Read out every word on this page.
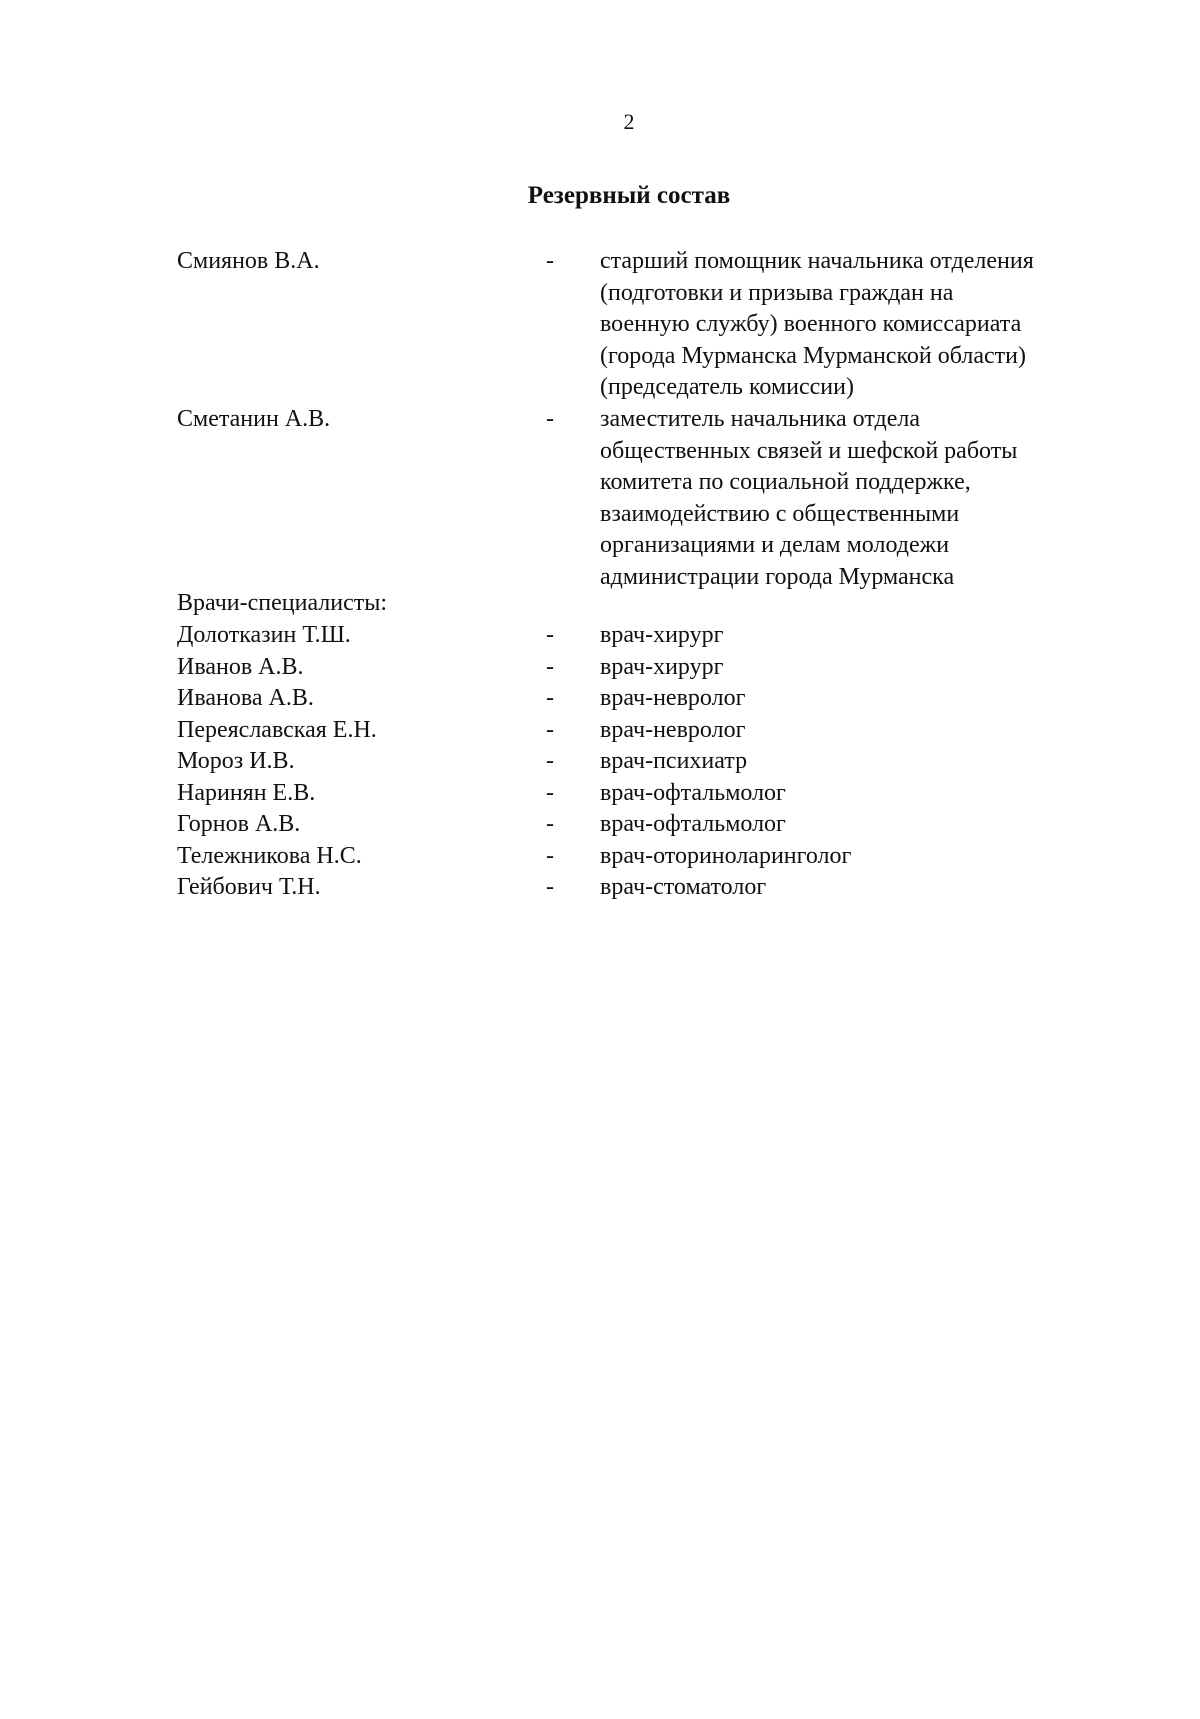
2
Резервный состав
Смиянов В.А.	- старший помощник начальника отделения
(подготовки и призыва граждан на
военную службу) военного комиссариата
(города Мурманска Мурманской области)
(председатель комиссии)
Сметанин А.В.	- заместитель начальника отдела
общественных связей и шефской работы
комитета по социальной поддержке,
взаимодействию с общественными
организациями и делам молодежи
администрации города Мурманска
Врачи-специалисты:
Долотказин Т.Ш.	- врач-хирург
Иванов А.В.	- врач-хирург
Иванова А.В.	- врач-невролог
Переяславская Е.Н.	- врач-невролог
Мороз И.В.	- врач-психиатр
Наринян Е.В.	- врач-офтальмолог
Горнов А.В.	- врач-офтальмолог
Тележникова Н.С.	- врач-оториноларинголог
Гейбович Т.Н.	- врач-стоматолог
